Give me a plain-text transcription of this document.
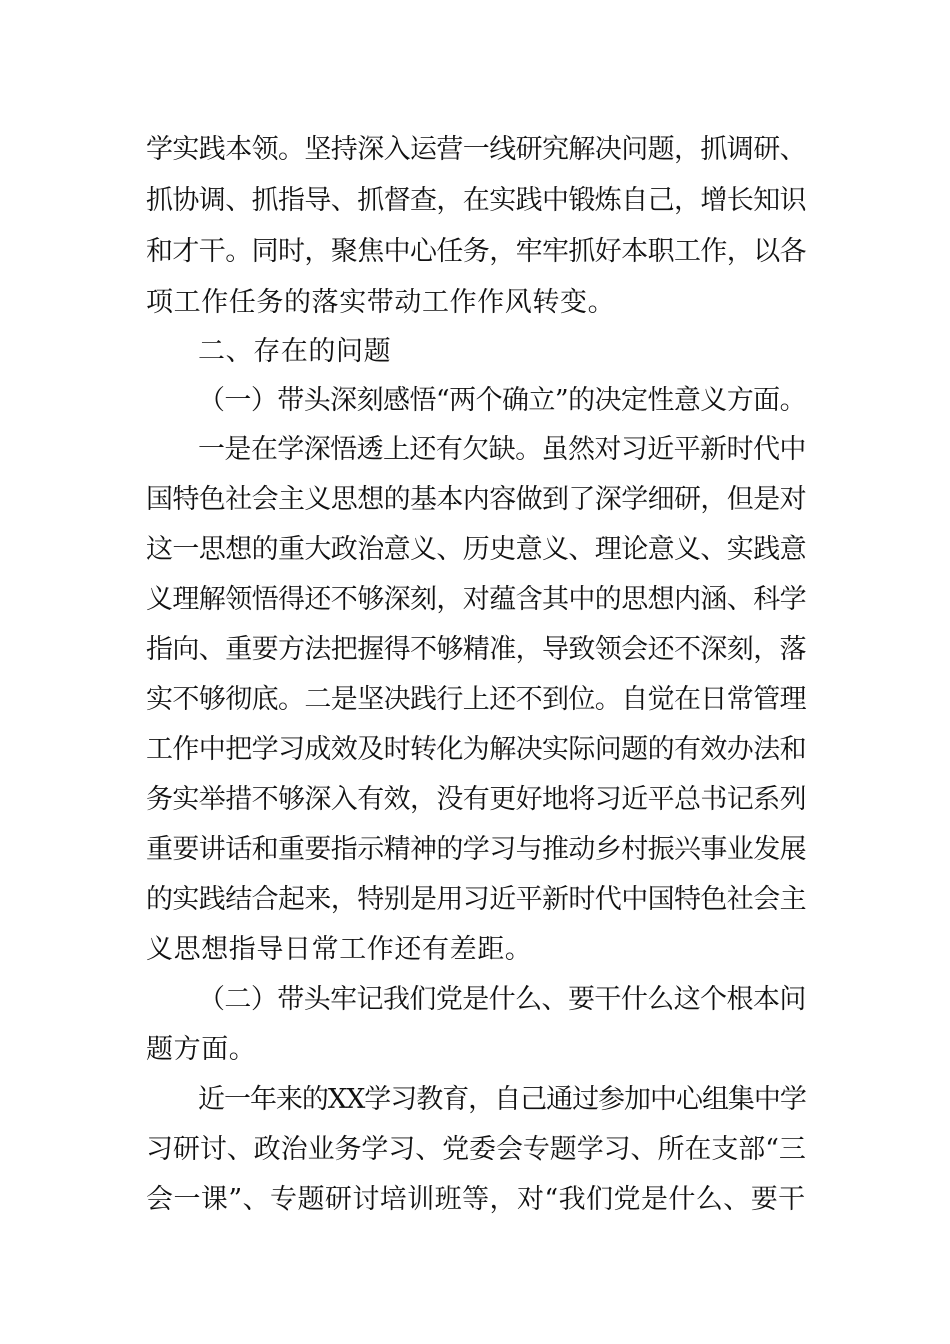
学实践本领。坚持深入运营一线研究解决问题，抓调研、

抓协调、抓指导、抓督查，在实践中锻炼自己，增长知识

和才干。同时，聚焦中心任务，牢牢抓好本职工作，以各

项工作任务的落实带动工作作风转变。

二、存在的问题

（一）带头深刻感悟“两个确立”的决定性意义方面。

一是在学深悟透上还有欠缺。虽然对习近平新时代中

国特色社会主义思想的基本内容做到了深学细研，但是对

这一思想的重大政治意义、历史意义、理论意义、实践意

义理解领悟得还不够深刻，对蕴含其中的思想内涵、科学

指向、重要方法把握得不够精准，导致领会还不深刻，落

实不够彻底。二是坚决践行上还不到位。自觉在日常管理

工作中把学习成效及时转化为解决实际问题的有效办法和

务实举措不够深入有效，没有更好地将习近平总书记系列

重要讲话和重要指示精神的学习与推动乡村振兴事业发展

的实践结合起来，特别是用习近平新时代中国特色社会主

义思想指导日常工作还有差距。

（二）带头牢记我们党是什么、要干什么这个根本问

题方面。

近一年来的XX学习教育，自己通过参加中心组集中学

习研讨、政治业务学习、党委会专题学习、所在支部“三

会一课”、专题研讨培训班等，对“我们党是什么、要干
